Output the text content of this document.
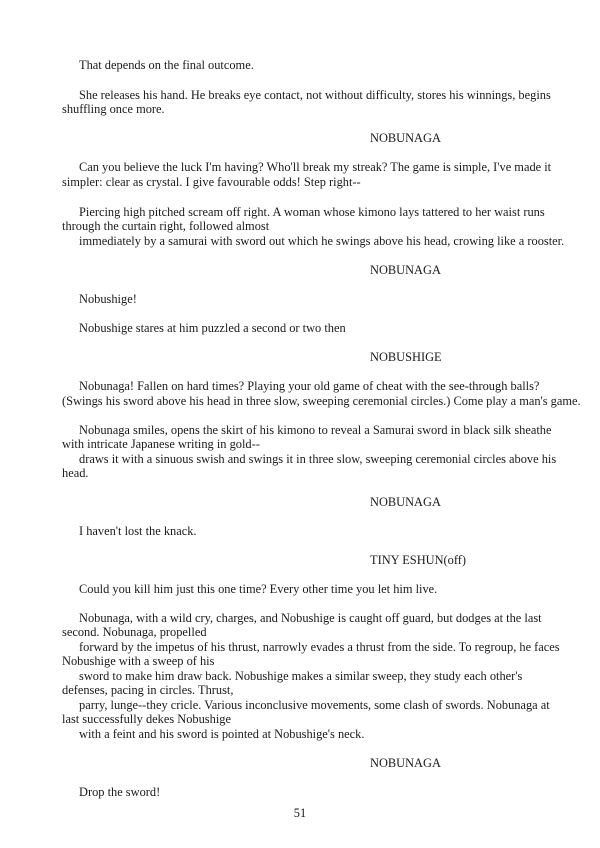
That depends on the final outcome.
She releases his hand. He breaks eye contact, not without difficulty, stores his winnings, begins
shuffling once more.
NOBUNAGA
Can you believe the luck I'm having? Who'll break my streak? The game is simple, I've made it
simpler: clear as crystal. I give favourable odds! Step right--
Piercing high pitched scream off right. A woman whose kimono lays tattered to her waist runs
through the curtain right, followed almost
immediately by a samurai with sword out which he swings above his head, crowing like a rooster.
NOBUNAGA
Nobushige!
Nobushige stares at him puzzled a second or two then
NOBUSHIGE
Nobunaga! Fallen on hard times? Playing your old game of cheat with the see-through balls?
(Swings his sword above his head in three slow, sweeping ceremonial circles.) Come play a man's game.
Nobunaga smiles, opens the skirt of his kimono to reveal a Samurai sword in black silk sheathe
with intricate Japanese writing in gold--
draws it with a sinuous swish and swings it in three slow, sweeping ceremonial circles above his
head.
NOBUNAGA
I haven't lost the knack.
TINY ESHUN(off)
Could you kill him just this one time? Every other time you let him live.
Nobunaga, with a wild cry, charges, and Nobushige is caught off guard, but dodges at the last
second. Nobunaga, propelled
forward by the impetus of his thrust, narrowly evades a thrust from the side. To regroup, he faces
Nobushige with a sweep of his
sword to make him draw back. Nobushige makes a similar sweep, they study each other's
defenses, pacing in circles. Thrust,
parry, lunge--they cricle. Various inconclusive movements, some clash of swords. Nobunaga at
last successfully dekes Nobushige
with a feint and his sword is pointed at Nobushige's neck.
NOBUNAGA
Drop the sword!
51
